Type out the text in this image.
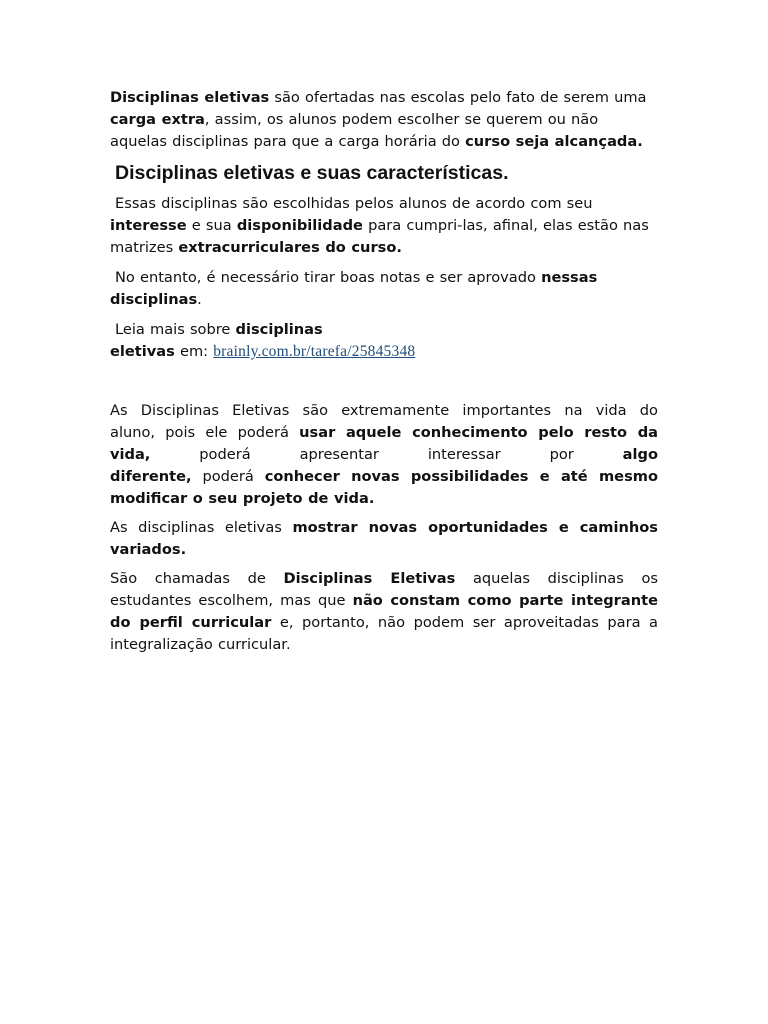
Disciplinas eletivas são ofertadas nas escolas pelo fato de serem uma carga extra, assim, os alunos podem escolher se querem ou não aquelas disciplinas para que a carga horária do curso seja alcançada.

Disciplinas eletivas e suas características.

Essas disciplinas são escolhidas pelos alunos de acordo com seu interesse e sua disponibilidade para cumpri-las, afinal, elas estão nas matrizes extracurriculares do curso.

No entanto, é necessário tirar boas notas e ser aprovado nessas disciplinas.

Leia mais sobre disciplinas
eletivas em: brainly.com.br/tarefa/25845348

As Disciplinas Eletivas são extremamente importantes na vida do
aluno, pois ele poderá usar aquele conhecimento pelo resto da
vida, poderá apresentar interessar por algo
diferente, poderá conhecer novas possibilidades e até mesmo
modificar o seu projeto de vida.

As disciplinas eletivas mostrar novas oportunidades e caminhos
variados.

São chamadas de Disciplinas Eletivas aquelas disciplinas os
estudantes escolhem, mas que não constam como parte integrante
do perfil curricular e, portanto, não podem ser aproveitadas para a
integralização curricular.
